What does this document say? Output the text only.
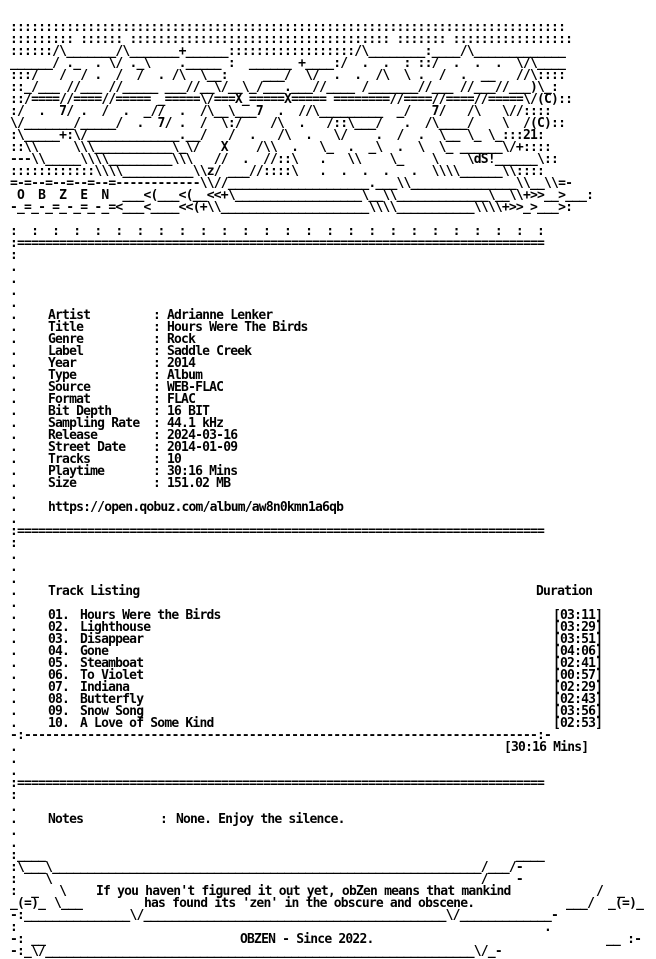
:::::::::::::::::::::::::::::::::::::::::::::::::::::::::::::::::::::::::::::::
::::::::: :::::: ::::::::::::::::::::::::::::::::::::: ::::::: :::::::::::::::::
::::::/\_______/\_______+______::::::::::::::::::/\________:____/\_____________
______/ ._  . \/ ._\    ._____ :  ______ +____:/  .  .  : ::/  .  .  .  \/\____
:::/   /  / .  /  /  . /\  \__:     ___/  \/  .  .  /\  \ .  /  .  __   //\::::
::_/___ //___ //_____ ___//__\/__\_/___.___//____ /_______//___ //___//___)\_:
::/====//====//===== _=====\/===X_=====X===== ========//====//====//=====\/(C)::
:/  .  7/ .  /  .  _//  .  /\__\___7  .  //\_________  _/   7/   /\   \//::::
\/_______/_____/  .  7/ .  /  \:/    /\  .   /::\___/   .  /\____/    \  /(C)::
:\_____+:\/_____________.__/   /  .   /\  .   \/    .  /  .  \__ \_ \_:::21:
::\\     \\\___________\_\/   X    /\\  .   \_  .  _\  .  \  \_ ______\/+::::
---\\_____\\\\_________\\\   //  .  //::\   .   \\    \_    \    \dS!______\::
::::::::::::\\\\__________\\z/ ___//::::\   .  .  .  .   .  \\\\______\\::::
=-=--=--=--=--=------------\\//____________________.___\\_______________\\__\\=-
O  B  Z  E  N  ___<(___<(__<<+\__________________\__\\_____________\__\\+>>__>___:
-_=_-_=_-_=_-_=<___<____<<(+\\_____________________\\\\___________\\\\+>>_>___>:
:  :  :  :  :  :  :  :  :  :  :  :  :  :  :  :  :  :  :  :  :  :  :  :  :  :
:===========================================================================
:
.
.
.
.
. Artist	: Adrianne Lenker
. Title	: Hours Were The Birds
. Genre	: Rock
. Label	: Saddle Creek
. Year	: 2014
. Type	: Album
. Source	: WEB-FLAC
. Format	: FLAC
. Bit Depth	: 16 BIT
. Sampling Rate : 44.1 kHz
. Release	: 2024-03-16
. Street Date : 2014-01-09
. Tracks	: 10
. Playtime	: 30:16 Mins
. Size	: 151.02 MB
.
. https://open.qobuz.com/album/aw8n0kmn1a6qb
.
:===========================================================================
:
.
.
.
. Track Listing	Duration
.
. 01. Hours Were the Birds	[03:11]
. 02. Lighthouse	[03:29]
. 03. Disappear	[03:51]
. 04. Gone	[04:06]
. 05. Steamboat	[02:41]
. 06. To Violet	[00:57]
. 07. Indiana	[02:29]
. 08. Butterfly	[02:43]
. 09. Snow Song	[03:56]
. 10. A Love of Some Kind	[02:53]
-:-------------------------------------------------------------------------:-
.	[30:16 Mins]
.
.
:===========================================================================
:
.
. Notes	: None. Enjoy the silence.
.
.
:____                                                                   ____
:\___\_____________________________________________________________/___/-
:    \                                                             /    -
:  _   \ If you haven't figured it out yet, obZen means that mankind	/  _
_(=)_ \___	has found its 'zen' in the obscure and obscene.	___/ _(=)_
-:_______________\/___________________________________________\/_____________-
:                                                                           .
-: __	OBZEN - Since 2022.	__ :-
-:_\/_____________________________________________________________\/_-
